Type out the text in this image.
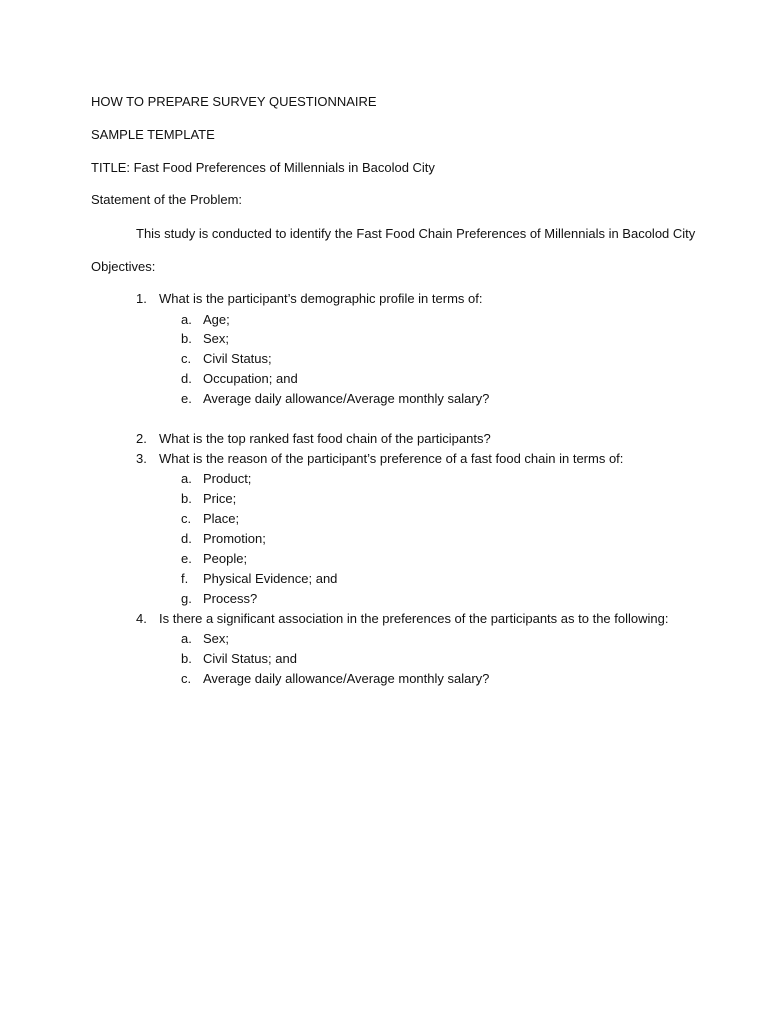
HOW TO PREPARE SURVEY QUESTIONNAIRE
SAMPLE TEMPLATE
TITLE: Fast Food Preferences of Millennials in Bacolod City
Statement of the Problem:
This study is conducted to identify the Fast Food Chain Preferences of Millennials in Bacolod City
Objectives:
1. What is the participant’s demographic profile in terms of:
a. Age;
b. Sex;
c. Civil Status;
d. Occupation; and
e. Average daily allowance/Average monthly salary?
2. What is the top ranked fast food chain of the participants?
3. What is the reason of the participant’s preference of a fast food chain in terms of:
a. Product;
b. Price;
c. Place;
d. Promotion;
e. People;
f.	Physical Evidence; and
g. Process?
4. Is there a significant association in the preferences of the participants as to the following:
a. Sex;
b. Civil Status; and
c. Average daily allowance/Average monthly salary?
